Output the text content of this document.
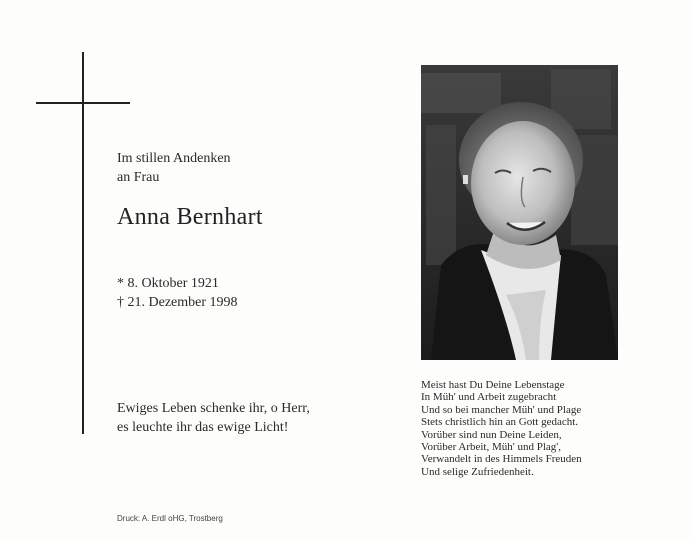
Im stillen Andenken
an Frau
Anna Bernhart
* 8. Oktober 1921
† 21. Dezember 1998
Ewiges Leben schenke ihr, o Herr,
es leuchte ihr das ewige Licht!
Druck: A. Erdl oHG, Trostberg
Meist hast Du Deine Lebenstage
In Müh' und Arbeit zugebracht
Und so bei mancher Müh' und Plage
Stets christlich hin an Gott gedacht.
Vorüber sind nun Deine Leiden,
Vorüber Arbeit, Müh' und Plag',
Verwandelt in des Himmels Freuden
Und selige Zufriedenheit.
